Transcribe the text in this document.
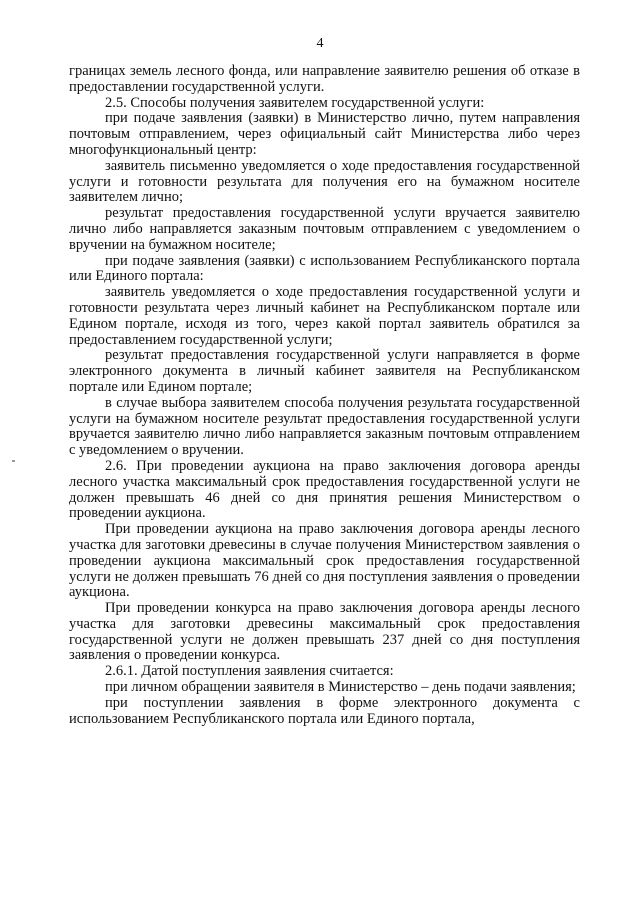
4

границах земель лесного фонда, или направление заявителю решения об отказе в предоставлении государственной услуги.

2.5. Способы получения заявителем государственной услуги:

при подаче заявления (заявки) в Министерство лично, путем направления почтовым отправлением, через официальный сайт Министерства либо через многофункциональный центр:

заявитель письменно уведомляется о ходе предоставления государственной услуги и готовности результата для получения его на бумажном носителе заявителем лично;

результат предоставления государственной услуги вручается заявителю лично либо направляется заказным почтовым отправлением с уведомлением о вручении на бумажном носителе;

при подаче заявления (заявки) с использованием Республиканского портала или Единого портала:

заявитель уведомляется о ходе предоставления государственной услуги и готовности результата через личный кабинет на Республиканском портале или Едином портале, исходя из того, через какой портал заявитель обратился за предоставлением государственной услуги;

результат предоставления государственной услуги направляется в форме электронного документа в личный кабинет заявителя на Республиканском портале или Едином портале;

в случае выбора заявителем способа получения результата государственной услуги на бумажном носителе результат предоставления государственной услуги вручается заявителю лично либо направляется заказным почтовым отправлением с уведомлением о вручении.

2.6. При проведении аукциона на право заключения договора аренды лесного участка максимальный срок предоставления государственной услуги не должен превышать 46 дней со дня принятия решения Министерством о проведении аукциона.

При проведении аукциона на право заключения договора аренды лесного участка для заготовки древесины в случае получения Министерством заявления о проведении аукциона максимальный срок предоставления государственной услуги не должен превышать 76 дней со дня поступления заявления о проведении аукциона.

При проведении конкурса на право заключения договора аренды лесного участка для заготовки древесины максимальный срок предоставления государственной услуги не должен превышать 237 дней со дня поступления заявления о проведении конкурса.

2.6.1. Датой поступления заявления считается:

при личном обращении заявителя в Министерство – день подачи заявления;

при поступлении заявления в форме электронного документа с использованием Республиканского портала или Единого портала,
